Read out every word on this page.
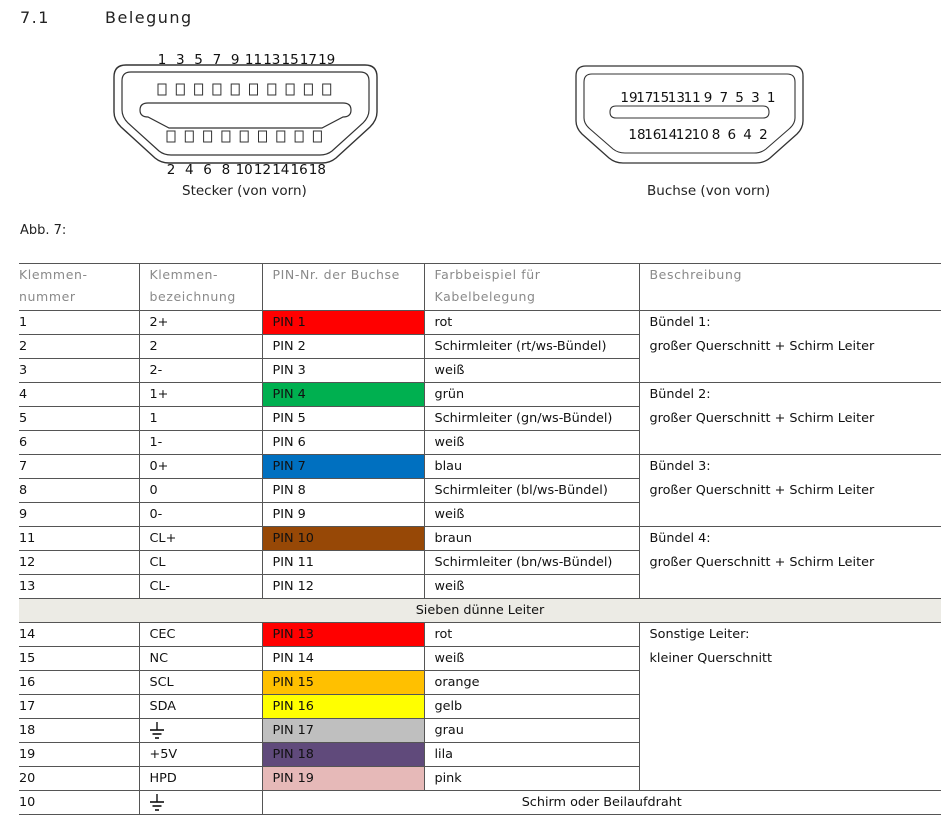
7.1	Belegung
1 3 5 7 9 11 13 15 17 19
2 4 6 8 10 12 14 16 18
Stecker (von vorn)
19
17
15
13
11 9 7 5 3 1
18
16
14
12
10 8 6 4 2
Buchse (von vorn)
Abb. 7:
Klemmen-nummer	Klemmen-bezeichnung	PIN-Nr. der Buchse	Farbbeispiel für Kabelbelegung	Beschreibung
1	2+	PIN 1	rot	Bündel 1:
großer Querschnitt + Schirm Leiter

2	2	PIN 2	Schirmleiter (rt/ws-Bündel)	
3	2-	PIN 3	weiß	
4	1+	PIN 4	grün	Bündel 2:
großer Querschnitt + Schirm Leiter

5	1	PIN 5	Schirmleiter (gn/ws-Bündel)	
6	1-	PIN 6	weiß	
7	0+	PIN 7	blau	Bündel 3:
großer Querschnitt + Schirm Leiter

8	0	PIN 8	Schirmleiter (bl/ws-Bündel)	
9	0-	PIN 9	weiß	
11	CL+	PIN 10	braun	Bündel 4:
großer Querschnitt + Schirm Leiter

12	CL	PIN 11	Schirmleiter (bn/ws-Bündel)	
13	CL-	PIN 12	weiß	
Sieben dünne Leiter				
14	CEC	PIN 13	rot	Sonstige Leiter:
kleiner Querschnitt

15	NC	PIN 14	weiß	
16	SCL	PIN 15	orange	
17	SDA	PIN 16	gelb	
18		PIN 17	grau	
19	+5V	PIN 18	lila	
20	HPD	PIN 19	pink	
10		Schirm oder Beilaufdraht		
